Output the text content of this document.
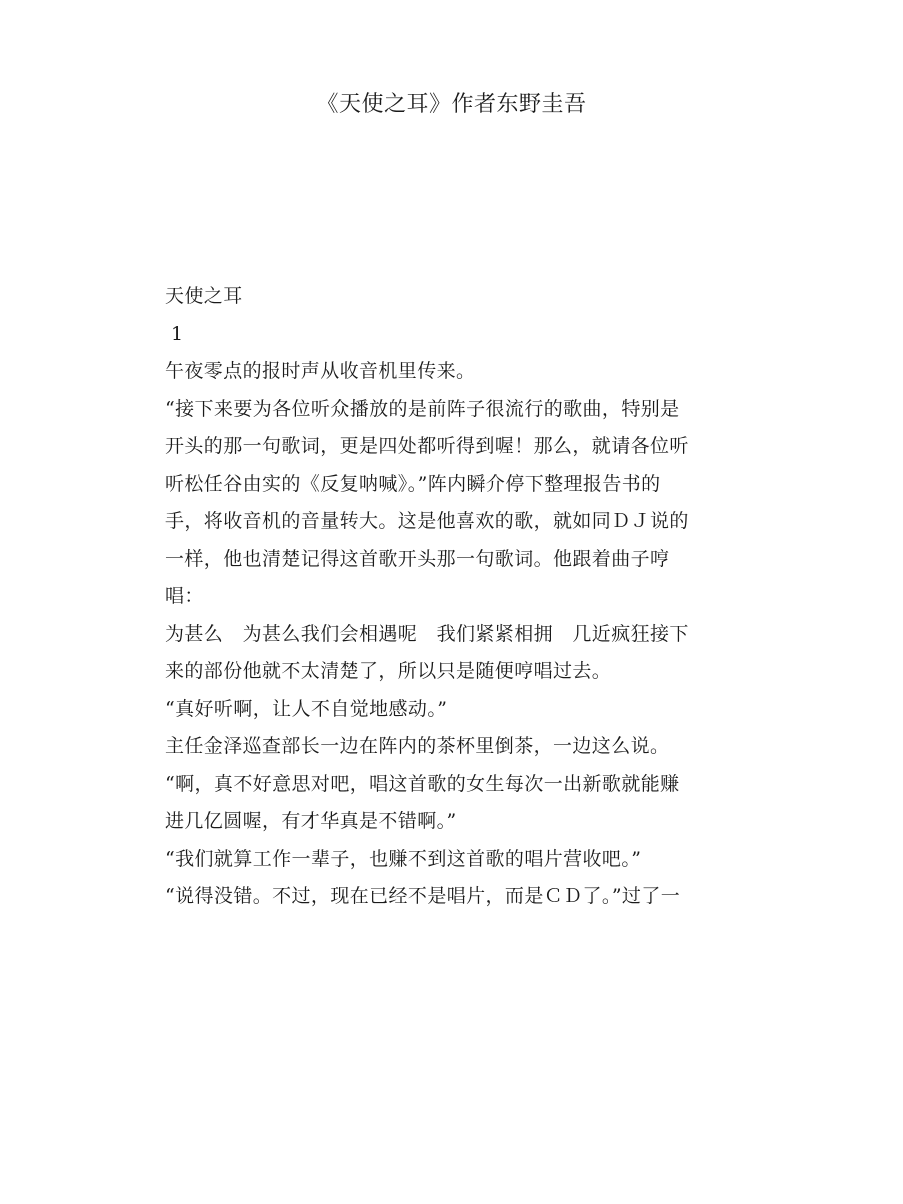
《天使之耳》作者东野圭吾
天使之耳
1
午夜零点的报时声从收音机里传来。
“接下来要为各位听众播放的是前阵子很流行的歌曲，特别是
开头的那一句歌词，更是四处都听得到喔！那么，就请各位听
听松任谷由实的《反复呐喊》。”阵内瞬介停下整理报告书的
手，将收音机的音量转大。这是他喜欢的歌，就如同ＤＪ说的
一样，他也清楚记得这首歌开头那一句歌词。他跟着曲子哼
唱：
为甚么　为甚么我们会相遇呢　我们紧紧相拥　几近疯狂接下
来的部份他就不太清楚了，所以只是随便哼唱过去。
“真好听啊，让人不自觉地感动。”
主任金泽巡查部长一边在阵内的茶杯里倒茶，一边这么说。
“啊，真不好意思对吧，唱这首歌的女生每次一出新歌就能赚
进几亿圆喔，有才华真是不错啊。”
“我们就算工作一辈子，也赚不到这首歌的唱片营收吧。”
“说得没错。不过，现在已经不是唱片，而是ＣＤ了。”过了一
